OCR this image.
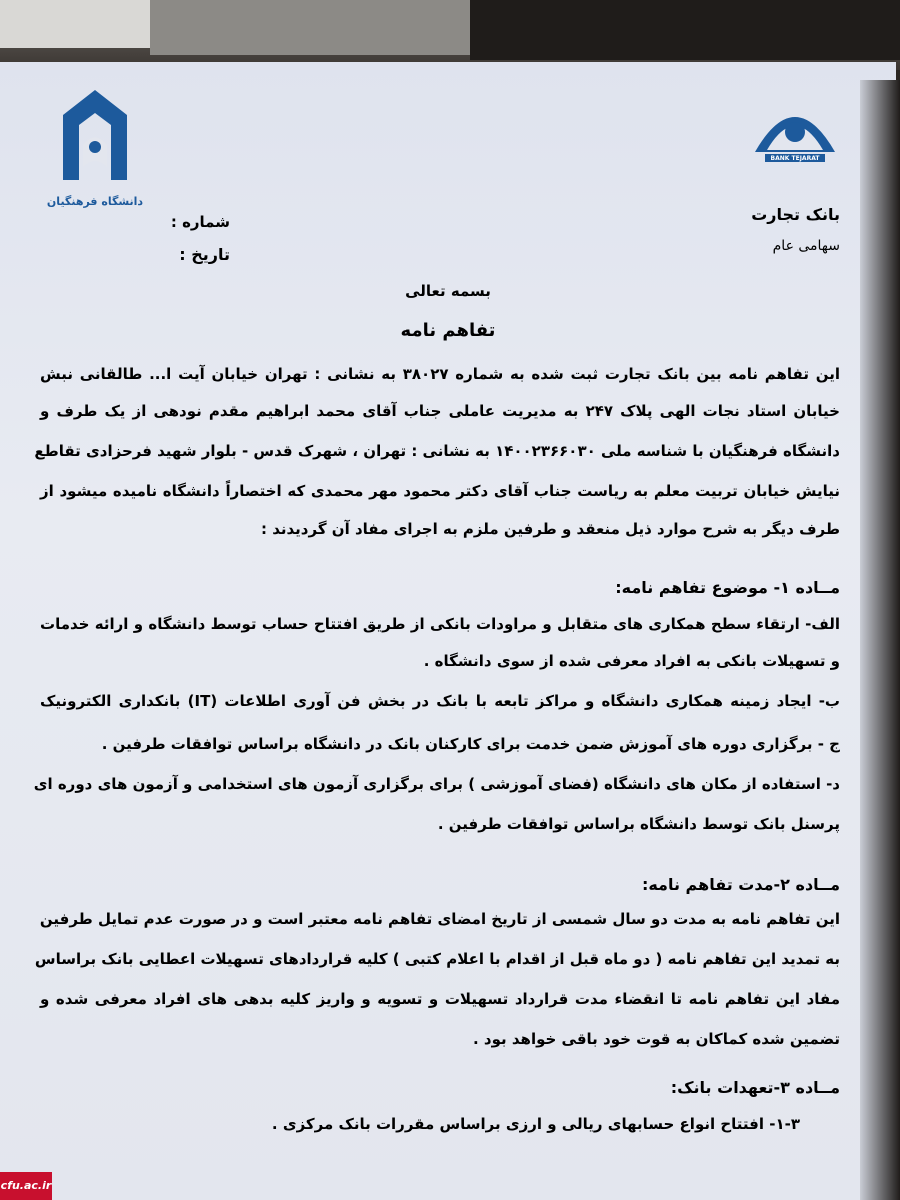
دانشگاه فرهنگیان
BANK TEJARAT
شماره :
تاریخ :
بانک تجارت
سهامی عام
بسمه تعالی
تفاهم نامه
این تفاهم نامه بین بانک تجارت ثبت شده به شماره ۳۸۰۲۷ به نشانی : تهران خیابان آیت ا... طالقانی نبش
خیابان استاد نجات الهی پلاک ۲۴۷ به مدیریت عاملی جناب آقای محمد ابراهیم مقدم نودهی از یک طرف و
دانشگاه فرهنگیان با شناسه ملی ۱۴۰۰۲۳۶۶۰۳۰ به نشانی : تهران ، شهرک قدس - بلوار شهید فرحزادی تقاطع
نیایش خیابان تربیت معلم به ریاست جناب آقای دکتر محمود مهر محمدی که اختصاراً دانشگاه نامیده میشود از
طرف دیگر به شرح موارد ذیل منعقد و طرفین ملزم به اجرای مفاد آن گردیدند :
مــاده ۱- موضوع تفاهم نامه:
الف- ارتقاء سطح همکاری های متقابل و مراودات بانکی از طریق افتتاح حساب توسط دانشگاه و ارائه خدمات
و تسهیلات بانکی به افراد معرفی شده از سوی دانشگاه .
ب- ایجاد زمینه همکاری دانشگاه و مراکز تابعه با بانک در بخش فن آوری اطلاعات (IT) بانکداری الکترونیک
ج - برگزاری دوره های آموزش ضمن خدمت برای کارکنان بانک در دانشگاه براساس توافقات طرفین .
د- استفاده از مکان های دانشگاه (فضای آموزشی ) برای برگزاری آزمون های استخدامی و آزمون های دوره ای
پرسنل بانک توسط دانشگاه براساس توافقات طرفین .
مــاده ۲-مدت تفاهم نامه:
این تفاهم نامه به مدت دو سال شمسی از تاریخ امضای تفاهم نامه معتبر است و در صورت عدم تمایل طرفین
به تمدید این تفاهم نامه ( دو ماه قبل از اقدام با اعلام کتبی ) کلیه قراردادهای تسهیلات اعطایی بانک براساس
مفاد این تفاهم نامه تا انقضاء مدت قرارداد تسهیلات و تسویه و واریز کلیه بدهی های افراد معرفی شده و
تضمین شده کماکان به قوت خود باقی خواهد بود .
مــاده ۳-تعهدات بانک:
۱-۳- افتتاح انواع حسابهای ریالی و ارزی براساس مقررات بانک مرکزی .
cfu.ac.ir
